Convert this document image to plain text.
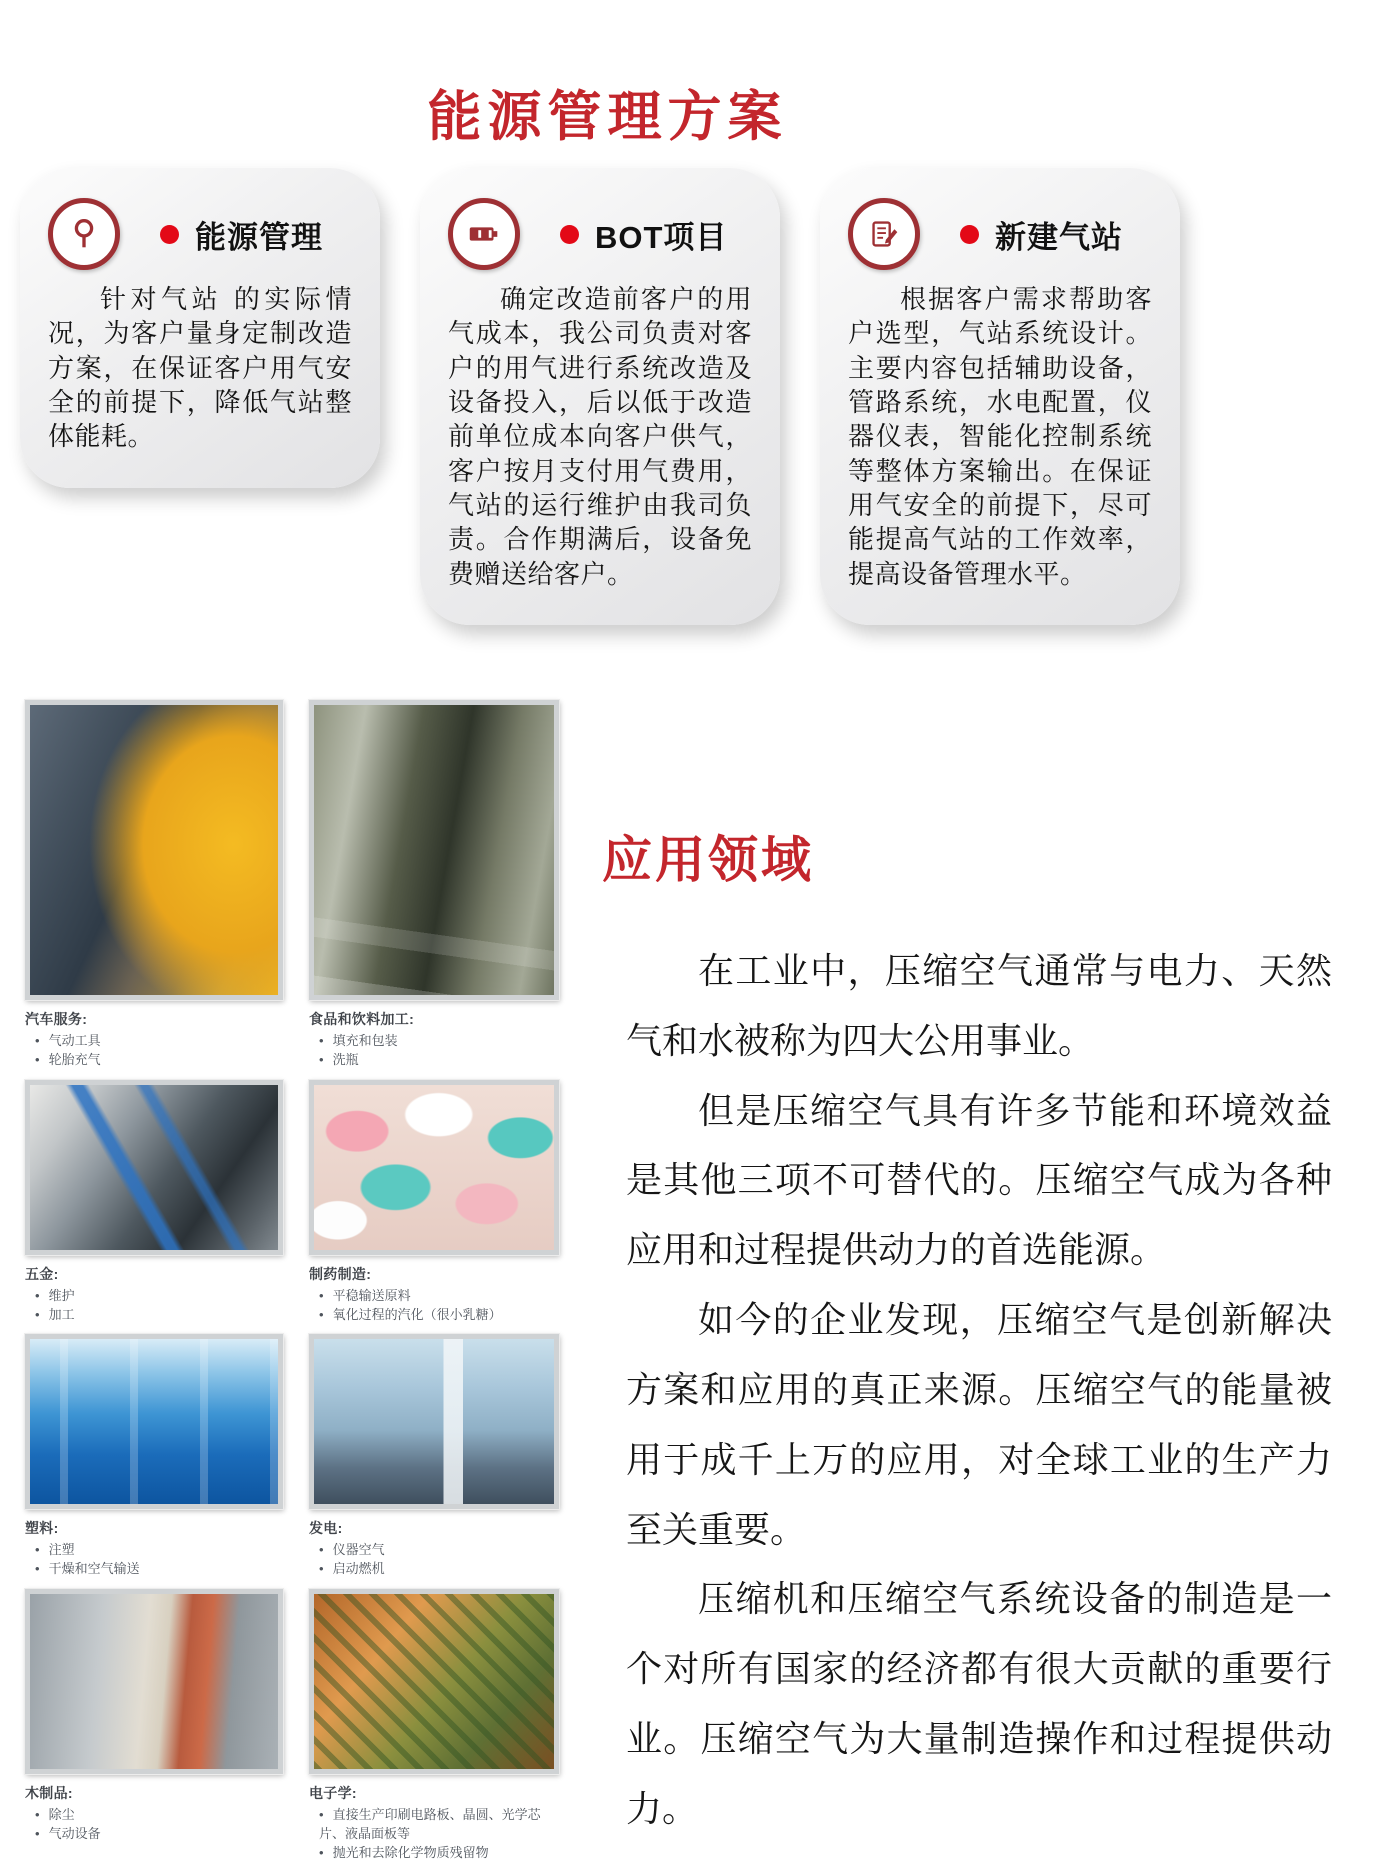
能源管理方案
能源管理

针对气站 的实际情况，为客户量身定制改造方案，在保证客户用气安全的前提下，降低气站整体能耗。

BOT项目

确定改造前客户的用气成本，我公司负责对客户的用气进行系统改造及设备投入，后以低于改造前单位成本向客户供气，客户按月支付用气费用，气站的运行维护由我司负责。合作期满后，设备免费赠送给客户。

新建气站

根据客户需求帮助客户选型，气站系统设计。主要内容包括辅助设备，管路系统，水电配置，仪器仪表，智能化控制系统等整体方案输出。在保证用气安全的前提下，尽可能提高气站的工作效率，提高设备管理水平。

汽车服务:
• 气动工具
• 轮胎充气
食品和饮料加工:
• 填充和包装
• 洗瓶
五金:
• 维护
• 加工
制药制造:
• 平稳输送原料
• 氧化过程的汽化（很小乳糖）
塑料:
• 注塑
• 干燥和空气输送
发电:
• 仪器空气
• 启动燃机
木制品:
• 除尘
• 气动设备
电子学:
• 直接生产印刷电路板、晶圆、光学芯片、液晶面板等
• 抛光和去除化学物质残留物
应用领域

在工业中，压缩空气通常与电力、天然气和水被称为四大公用事业。

但是压缩空气具有许多节能和环境效益是其他三项不可替代的。压缩空气成为各种应用和过程提供动力的首选能源。

如今的企业发现，压缩空气是创新解决方案和应用的真正来源。压缩空气的能量被用于成千上万的应用，对全球工业的生产力至关重要。

压缩机和压缩空气系统设备的制造是一个对所有国家的经济都有很大贡献的重要行业。压缩空气为大量制造操作和过程提供动力。
